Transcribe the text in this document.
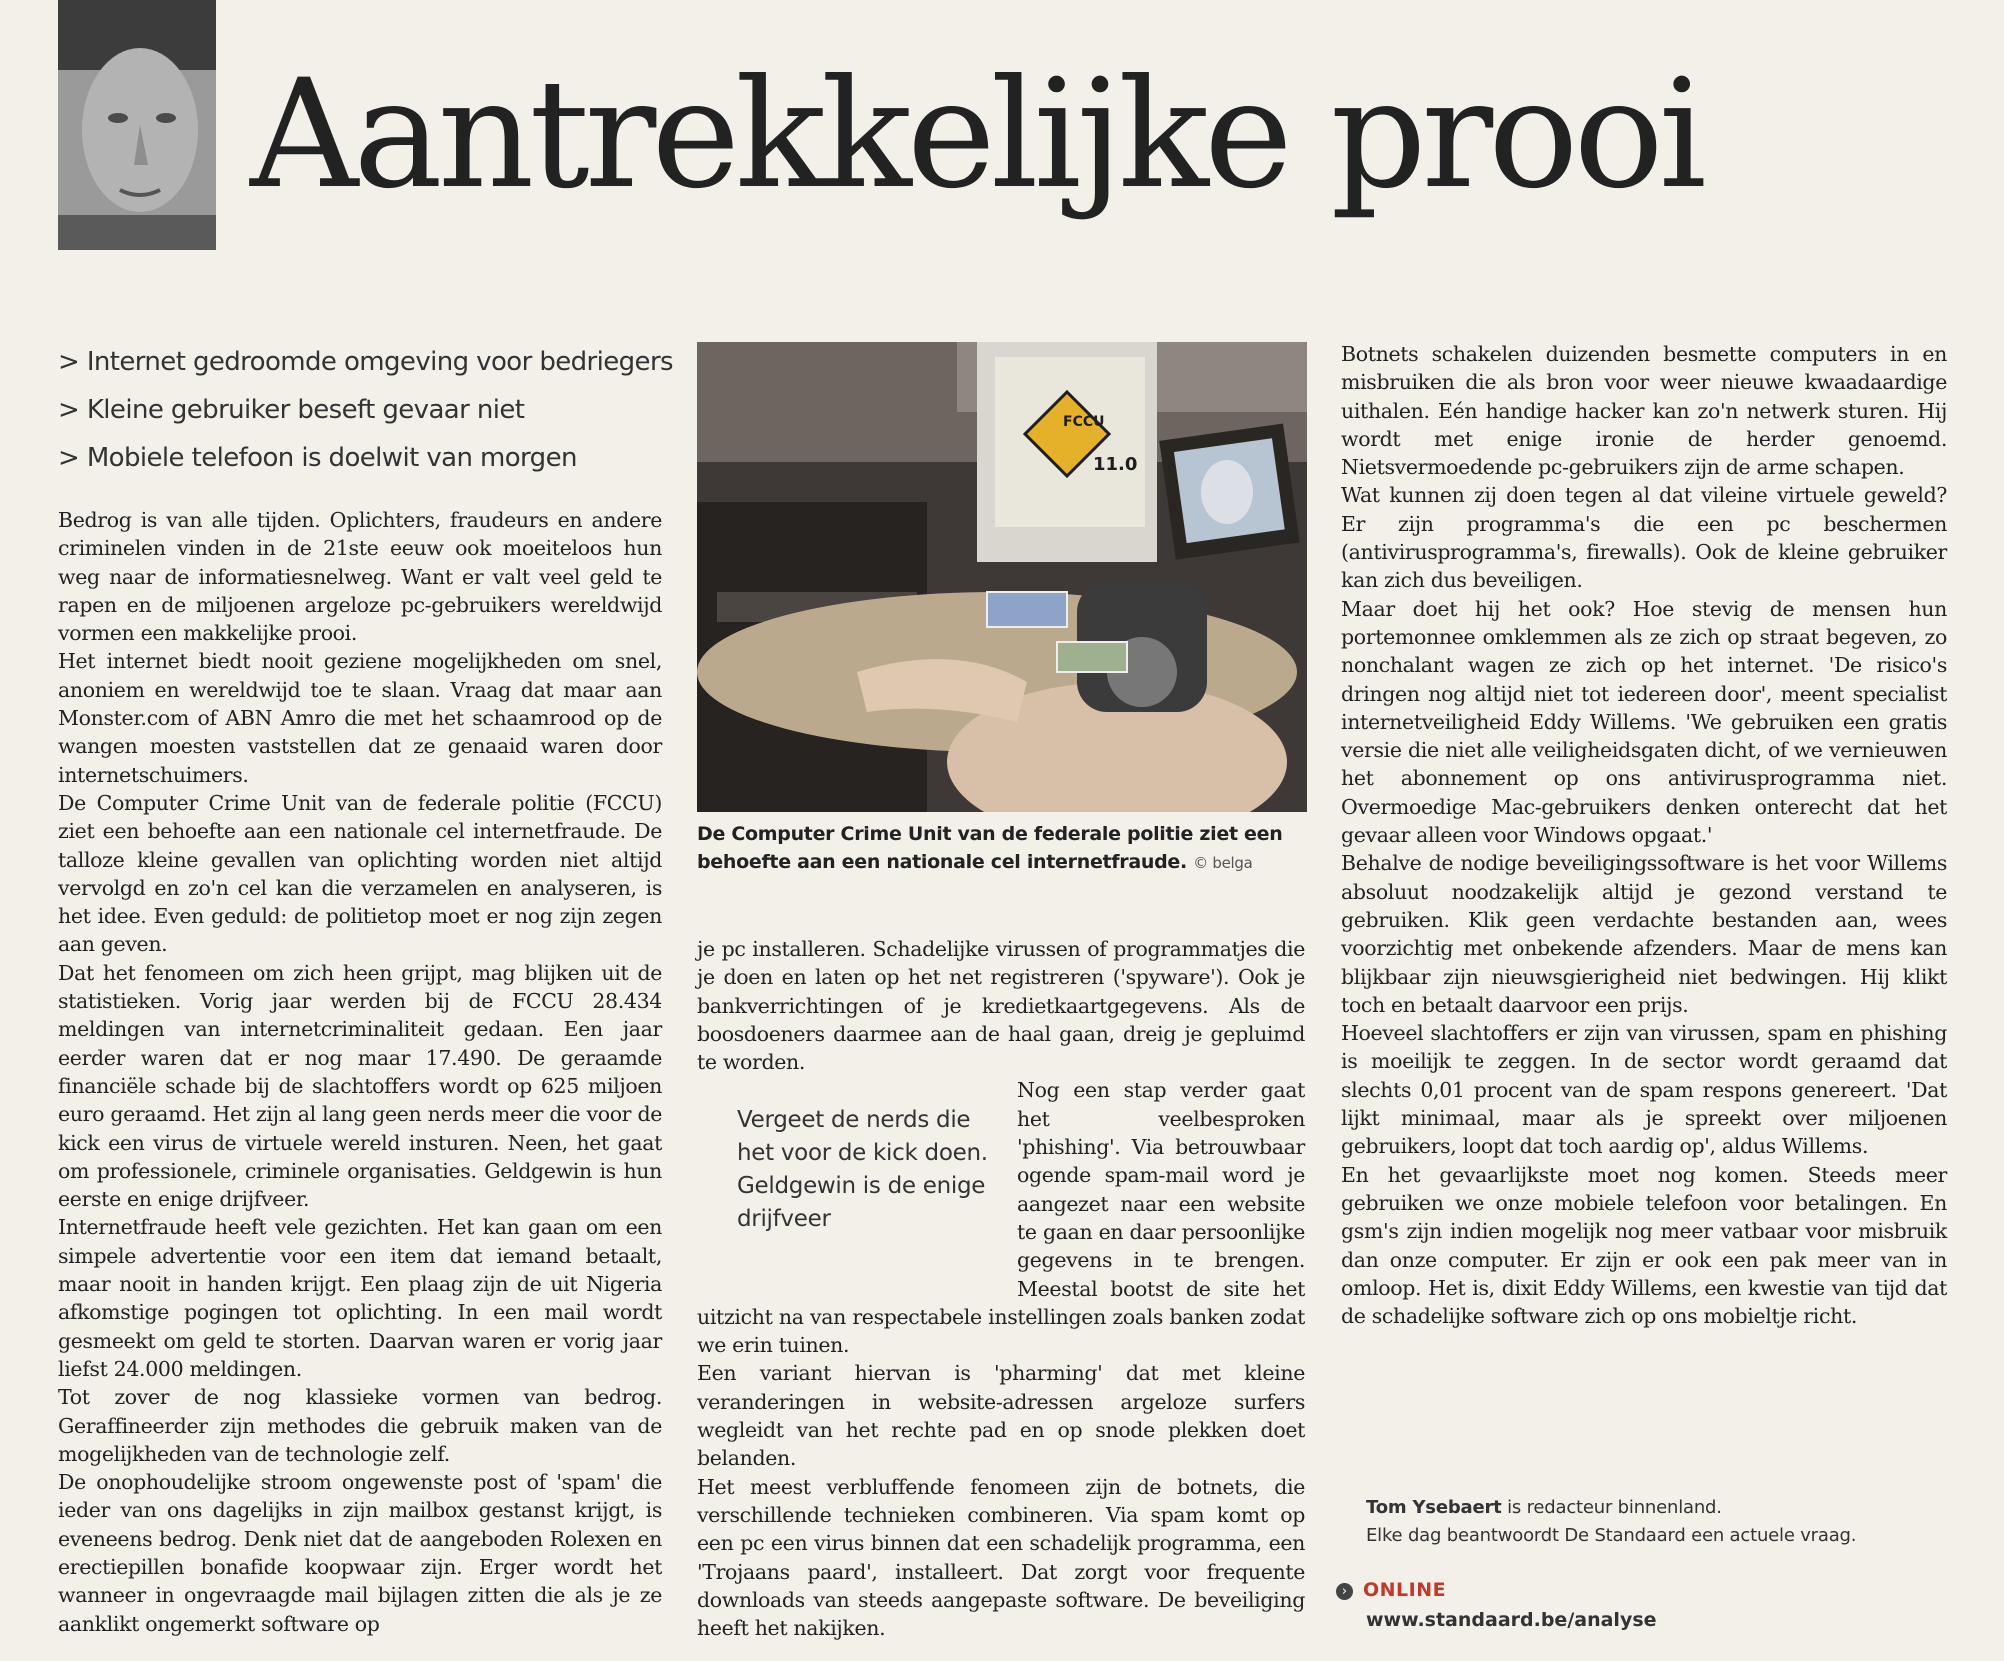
Aantrekkelijke prooi
> Internet gedroomde omgeving voor bedriegers
> Kleine gebruiker beseft gevaar niet
> Mobiele telefoon is doelwit van morgen

Bedrog is van alle tijden. Oplichters, fraudeurs en andere criminelen vinden in de 21ste eeuw ook moeiteloos hun weg naar de informatiesnelweg. Want er valt veel geld te rapen en de miljoenen argeloze pc-gebruikers wereldwijd vormen een makkelijke prooi.

Het internet biedt nooit geziene mogelijkheden om snel, anoniem en wereldwijd toe te slaan. Vraag dat maar aan Monster.com of ABN Amro die met het schaamrood op de wangen moesten vaststellen dat ze genaaid waren door internetschuimers.

De Computer Crime Unit van de federale politie (FCCU) ziet een behoefte aan een nationale cel internetfraude. De talloze kleine gevallen van oplichting worden niet altijd vervolgd en zo'n cel kan die verzamelen en analyseren, is het idee. Even geduld: de politietop moet er nog zijn zegen aan geven.

Dat het fenomeen om zich heen grijpt, mag blijken uit de statistieken. Vorig jaar werden bij de FCCU 28.434 meldingen van internetcriminaliteit gedaan. Een jaar eerder waren dat er nog maar 17.490. De geraamde financiële schade bij de slachtoffers wordt op 625 miljoen euro geraamd. Het zijn al lang geen nerds meer die voor de kick een virus de virtuele wereld insturen. Neen, het gaat om professionele, criminele organisaties. Geldgewin is hun eerste en enige drijfveer.

Internetfraude heeft vele gezichten. Het kan gaan om een simpele advertentie voor een item dat iemand betaalt, maar nooit in handen krijgt. Een plaag zijn de uit Nigeria afkomstige pogingen tot oplichting. In een mail wordt gesmeekt om geld te storten. Daarvan waren er vorig jaar liefst 24.000 meldingen.

Tot zover de nog klassieke vormen van bedrog. Geraffineerder zijn methodes die gebruik maken van de mogelijkheden van de technologie zelf.

De onophoudelijke stroom ongewenste post of 'spam' die ieder van ons dagelijks in zijn mailbox gestanst krijgt, is eveneens bedrog. Denk niet dat de aangeboden Rolexen en erectiepillen bonafide koopwaar zijn. Erger wordt het wanneer in ongevraagde mail bijlagen zitten die als je ze aanklikt ongemerkt software op

FCCU
11.0
De Computer Crime Unit van de federale politie ziet een behoefte aan een nationale cel internetfraude. © belga

je pc installeren. Schadelijke virussen of programmatjes die je doen en laten op het net registreren ('spyware'). Ook je bankverrichtingen of je kredietkaartgegevens. Als de boosdoeners daarmee aan de haal gaan, dreig je gepluimd te worden.

Vergeet de nerds die het voor de kick doen. Geldgewin is de enige drijfveer

Nog een stap verder gaat het veelbesproken 'phishing'. Via betrouwbaar ogende spam-mail word je aangezet naar een website te gaan en daar persoonlijke gegevens in te brengen. Meestal bootst de site het uitzicht na van respectabele instellingen zoals banken zodat we erin tuinen.

Een variant hiervan is 'pharming' dat met kleine veranderingen in website-adressen argeloze surfers wegleidt van het rechte pad en op snode plekken doet belanden.

Het meest verbluffende fenomeen zijn de botnets, die verschillende technieken combineren. Via spam komt op een pc een virus binnen dat een schadelijk programma, een 'Trojaans paard', installeert. Dat zorgt voor frequente downloads van steeds aangepaste software. De beveiliging heeft het nakijken.

Botnets schakelen duizenden besmette computers in en misbruiken die als bron voor weer nieuwe kwaadaardige uithalen. Eén handige hacker kan zo'n netwerk sturen. Hij wordt met enige ironie de herder genoemd. Nietsvermoedende pc-gebruikers zijn de arme schapen.

Wat kunnen zij doen tegen al dat vileine virtuele geweld? Er zijn programma's die een pc beschermen (antivirusprogramma's, firewalls). Ook de kleine gebruiker kan zich dus beveiligen.

Maar doet hij het ook? Hoe stevig de mensen hun portemonnee omklemmen als ze zich op straat begeven, zo nonchalant wagen ze zich op het internet. 'De risico's dringen nog altijd niet tot iedereen door', meent specialist internetveiligheid Eddy Willems. 'We gebruiken een gratis versie die niet alle veiligheidsgaten dicht, of we vernieuwen het abonnement op ons antivirusprogramma niet. Overmoedige Mac-gebruikers denken onterecht dat het gevaar alleen voor Windows opgaat.'

Behalve de nodige beveiligingssoftware is het voor Willems absoluut noodzakelijk altijd je gezond verstand te gebruiken. Klik geen verdachte bestanden aan, wees voorzichtig met onbekende afzenders. Maar de mens kan blijkbaar zijn nieuwsgierigheid niet bedwingen. Hij klikt toch en betaalt daarvoor een prijs.

Hoeveel slachtoffers er zijn van virussen, spam en phishing is moeilijk te zeggen. In de sector wordt geraamd dat slechts 0,01 procent van de spam respons genereert. 'Dat lijkt minimaal, maar als je spreekt over miljoenen gebruikers, loopt dat toch aardig op', aldus Willems.

En het gevaarlijkste moet nog komen. Steeds meer gebruiken we onze mobiele telefoon voor betalingen. En gsm's zijn indien mogelijk nog meer vatbaar voor misbruik dan onze computer. Er zijn er ook een pak meer van in omloop. Het is, dixit Eddy Willems, een kwestie van tijd dat de schadelijke software zich op ons mobieltje richt.

Tom Ysebaert is redacteur binnenland.
Elke dag beantwoordt De Standaard een actuele vraag.
› ONLINE
www.standaard.be/analyse
